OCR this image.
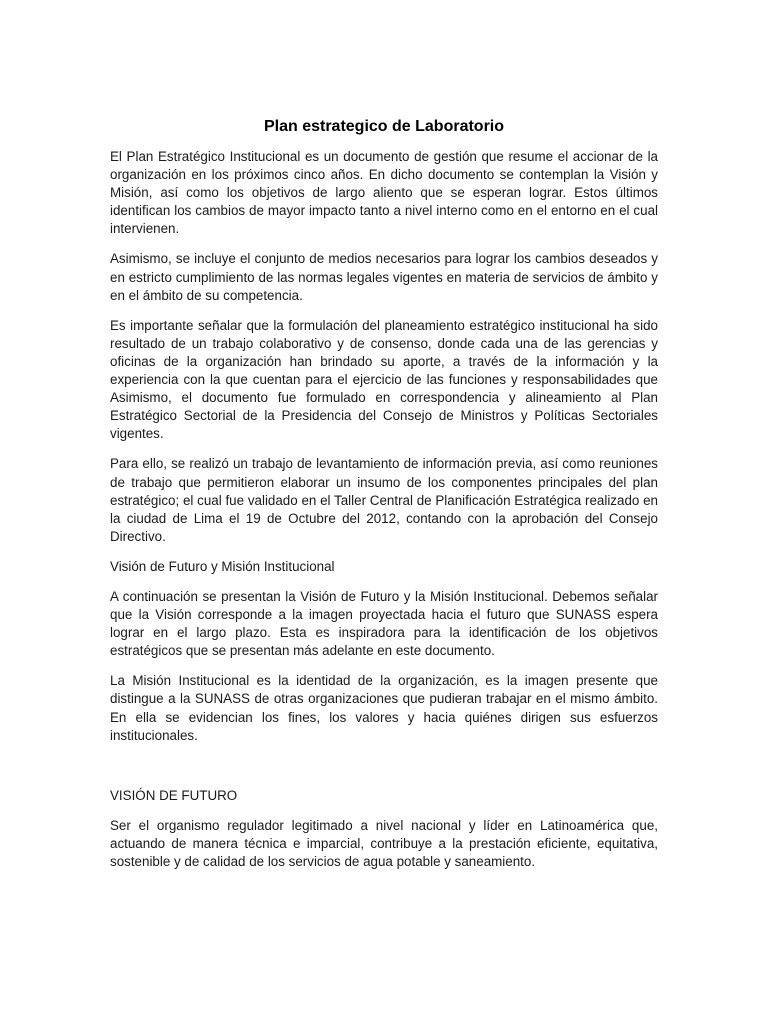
Plan estrategico de Laboratorio

El Plan Estratégico Institucional es un documento de gestión que resume el accionar de la organización en los próximos cinco años. En dicho documento se contemplan la Visión y Misión, así como los objetivos de largo aliento que se esperan lograr. Estos últimos identifican los cambios de mayor impacto tanto a nivel interno como en el entorno en el cual intervienen.

Asimismo, se incluye el conjunto de medios necesarios para lograr los cambios deseados y en estricto cumplimiento de las normas legales vigentes en materia de servicios de ámbito y en el ámbito de su competencia.

Es importante señalar que la formulación del planeamiento estratégico institucional ha sido resultado de un trabajo colaborativo y de consenso, donde cada una de las gerencias y oficinas de la organización han brindado su aporte, a través de la información y la experiencia con la que cuentan para el ejercicio de las funciones y responsabilidades que Asimismo, el documento fue formulado en correspondencia y alineamiento al Plan Estratégico Sectorial de la Presidencia del Consejo de Ministros y Políticas Sectoriales vigentes.

Para ello, se realizó un trabajo de levantamiento de información previa, así como reuniones de trabajo que permitieron elaborar un insumo de los componentes principales del plan estratégico; el cual fue validado en el Taller Central de Planificación Estratégica realizado en la ciudad de Lima el 19 de Octubre del 2012, contando con la aprobación del Consejo Directivo.

Visión de Futuro y Misión Institucional

A continuación se presentan la Visión de Futuro y la Misión Institucional. Debemos señalar que la Visión corresponde a la imagen proyectada hacia el futuro que SUNASS espera lograr en el largo plazo. Esta es inspiradora para la identificación de los objetivos estratégicos que se presentan más adelante en este documento.

La Misión Institucional es la identidad de la organización, es la imagen presente que distingue a la SUNASS de otras organizaciones que pudieran trabajar en el mismo ámbito. En ella se evidencian los fines, los valores y hacia quiénes dirigen sus esfuerzos institucionales.

VISIÓN DE FUTURO

Ser el organismo regulador legitimado a nivel nacional y líder en Latinoamérica que, actuando de manera técnica e imparcial, contribuye a la prestación eficiente, equitativa, sostenible y de calidad de los servicios de agua potable y saneamiento.
